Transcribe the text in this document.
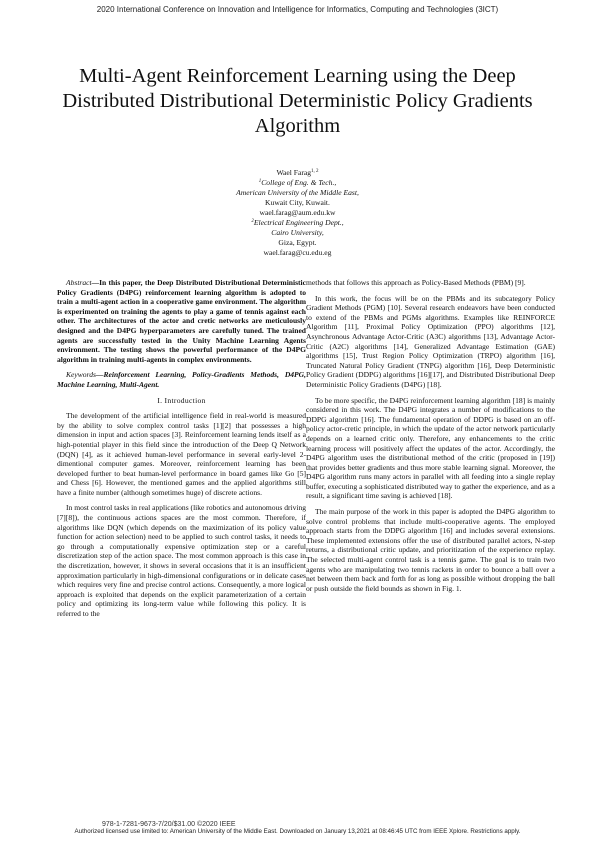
2020 International Conference on Innovation and Intelligence for Informatics, Computing and Technologies (3ICT)
Multi-Agent Reinforcement Learning using the Deep Distributed Distributional Deterministic Policy Gradients Algorithm
Wael Farag$^{1, 2}$
$^1$College of Eng. & Tech.,
American University of the Middle East,
Kuwait City, Kuwait.
wael.farag@aum.edu.kw
$^2$Electrical Engineering Dept.,
Cairo University,
Giza, Egypt.
wael.farag@cu.edu.eg

Abstract—In this paper, the Deep Distributed Distributional Deterministic Policy Gradients (D4PG) reinforcement learning algorithm is adopted to train a multi-agent action in a cooperative game environment. The algorithm is experimented on training the agents to play a game of tennis against each other. The architectures of the actor and cretic networks are meticulously designed and the D4PG hyperparameters are carefully tuned. The trained agents are successfully tested in the Unity Machine Learning Agents environment. The testing shows the powerful performance of the D4PG algorithm in training multi-agents in complex environments.

Keywords—Reinforcement Learning, Policy-Gradients Methods, D4PG, Machine Learning, Multi-Agent.

I. Introduction

The development of the artificial intelligence field in real-world is measured by the ability to solve complex control tasks [1][2] that possesses a high dimension in input and action spaces [3]. Reinforcement learning lends itself as a high-potential player in this field since the introduction of the Deep Q Network (DQN) [4], as it achieved human-level performance in several early-level 2-dimentional computer games. Moreover, reinforcement learning has been developed further to beat human-level performance in board games like Go [5] and Chess [6]. However, the mentioned games and the applied algorithms still have a finite number (although sometimes huge) of discrete actions.

In most control tasks in real applications (like robotics and autonomous driving [7][8]), the continuous actions spaces are the most common. Therefore, if algorithms like DQN (which depends on the maximization of its policy value function for action selection) need to be applied to such control tasks, it needs to go through a computationally expensive optimization step or a careful discretization step of the action space. The most common approach is this case in the discretization, however, it shows in several occasions that it is an insufficient approximation particularly in high-dimensional configurations or in delicate cases which requires very fine and precise control actions. Consequently, a more logical approach is exploited that depends on the explicit parameterization of a certain policy and optimizing its long-term value while following this policy. It is referred to the

methods that follows this approach as Policy-Based Methods (PBM) [9].

In this work, the focus will be on the PBMs and its subcategory Policy Gradient Methods (PGM) [10]. Several research endeavors have been conducted to extend of the PBMs and PGMs algorithms. Examples like REINFORCE Algorithm [11], Proximal Policy Optimization (PPO) algorithms [12], Asynchronous Advantage Actor-Critic (A3C) algorithms [13], Advantage Actor-Critic (A2C) algorithms [14], Generalized Advantage Estimation (GAE) algorithms [15], Trust Region Policy Optimization (TRPO) algorithm [16], Truncated Natural Policy Gradient (TNPG) algorithm [16], Deep Deterministic Policy Gradient (DDPG) algorithms [16][17], and Distributed Distributional Deep Deterministic Policy Gradients (D4PG) [18].

To be more specific, the D4PG reinforcement learning algorithm [18] is mainly considered in this work. The D4PG integrates a number of modifications to the DDPG algorithm [16]. The fundamental operation of DDPG is based on an off-policy actor-cretic principle, in which the update of the actor network particularly depends on a learned critic only. Therefore, any enhancements to the critic learning process will positively affect the updates of the actor. Accordingly, the D4PG algorithm uses the distributional method of the critic (proposed in [19]) that provides better gradients and thus more stable learning signal. Moreover, the D4PG algorithm runs many actors in parallel with all feeding into a single replay buffer, executing a sophisticated distributed way to gather the experience, and as a result, a significant time saving is achieved [18].

The main purpose of the work in this paper is adopted the D4PG algorithm to solve control problems that include multi-cooperative agents. The employed approach starts from the DDPG algorithm [16] and includes several extensions. These implemented extensions offer the use of distributed parallel actors, N-step returns, a distributional critic update, and prioritization of the experience replay. The selected multi-agent control task is a tennis game. The goal is to train two agents who are manipulating two tennis rackets in order to bounce a ball over a net between them back and forth for as long as possible without dropping the ball or push outside the field bounds as shown in Fig. 1.

978-1-7281-9673-7/20/$31.00 ©2020 IEEE
Authorized licensed use limited to: American University of the Middle East. Downloaded on January 13,2021 at 08:46:45 UTC from IEEE Xplore. Restrictions apply.
